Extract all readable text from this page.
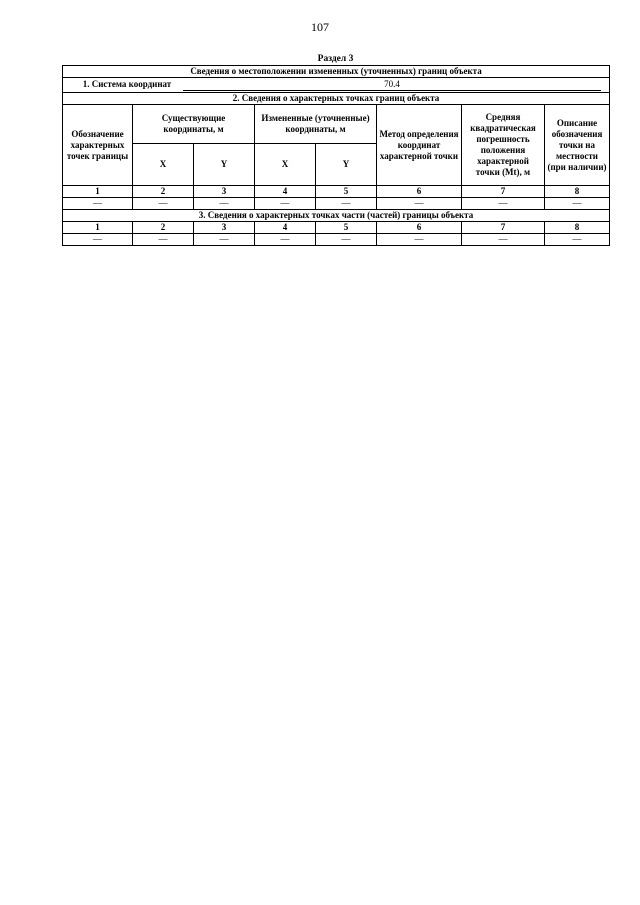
107
Раздел 3
Сведения о местоположении измененных (уточненных) границ объекта							
1. Система координат 70.4							
2. Сведения о характерных точках границ объекта							
Обозначение характерных точек границы	Существующие координаты, м		Измененные (уточненные) координаты, м		Метод определения координат характерной точки	Средняя квадратическая погрешность положения характерной точки (Mt), м	Описание обозначения точки на местности (при наличии)
	X	Y	X	Y			
1	2	3	4	5	6	7	8
—	—	—	—	—	—	—	—
3. Сведения о характерных точках части (частей) границы объекта							
1	2	3	4	5	6	7	8
—	—	—	—	—	—	—	—
